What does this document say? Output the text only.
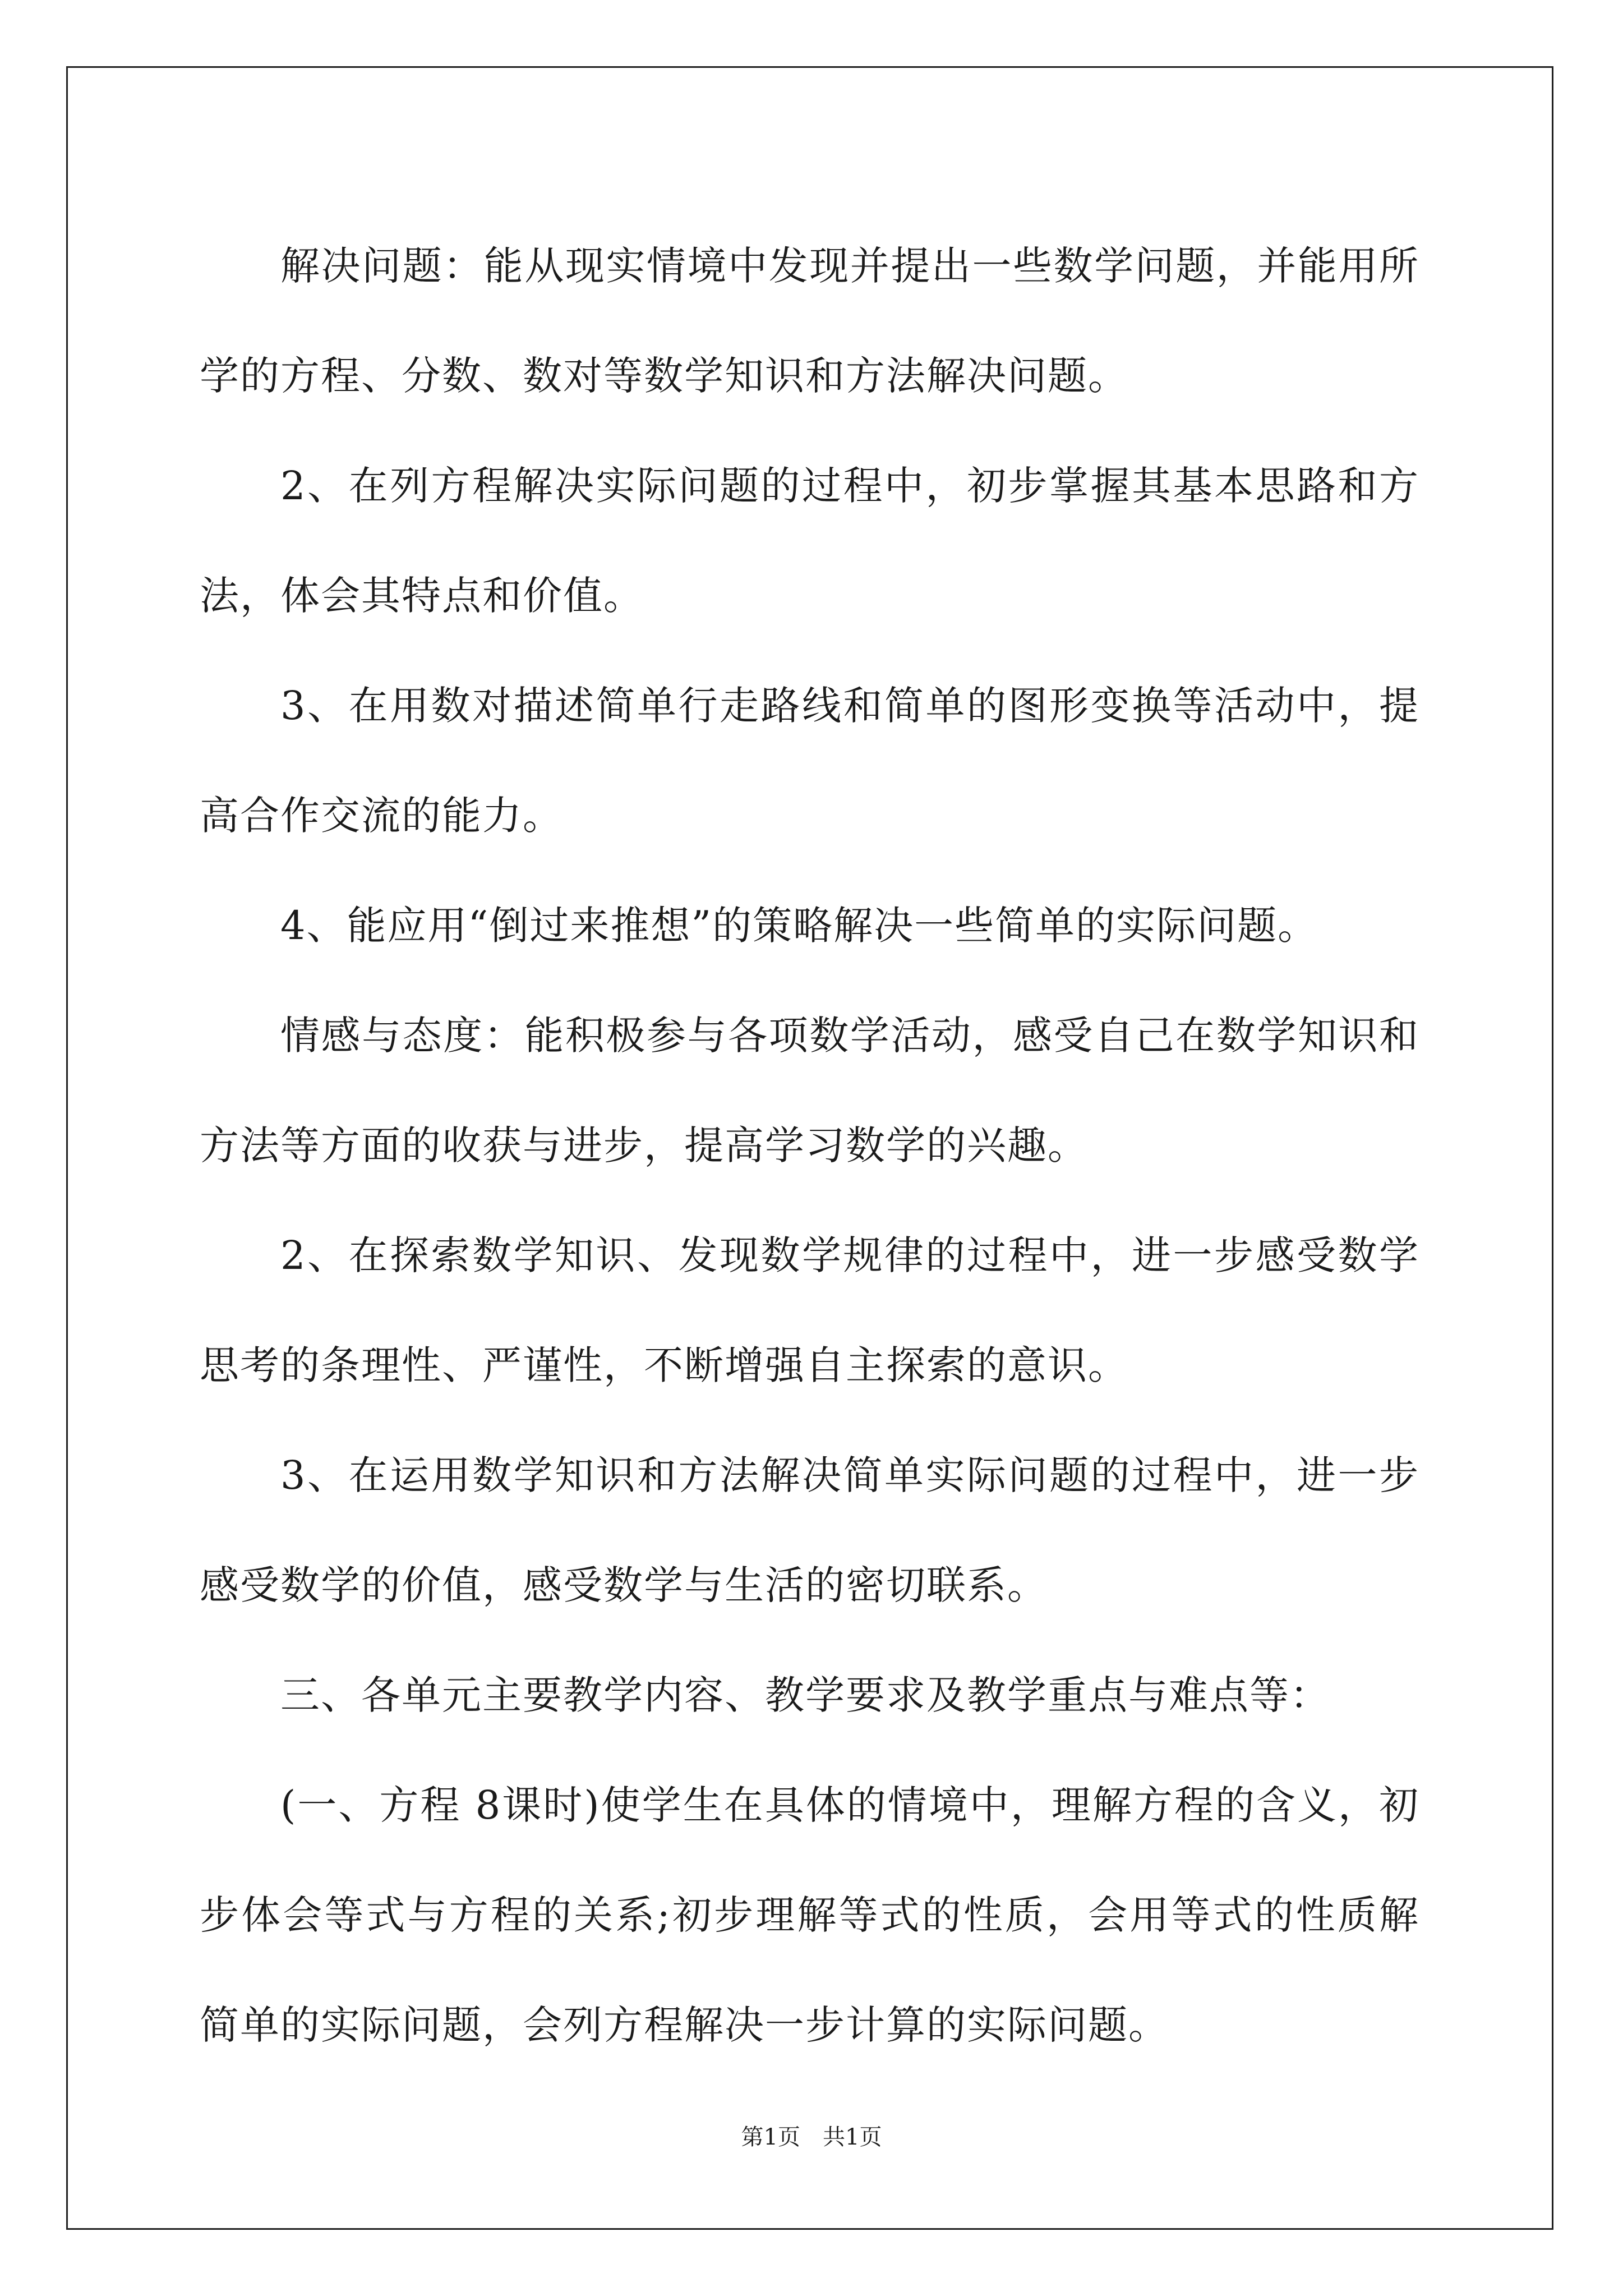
解决问题：能从现实情境中发现并提出一些数学问题，并能用所学的方程、分数、数对等数学知识和方法解决问题。

2、在列方程解决实际问题的过程中，初步掌握其基本思路和方法，体会其特点和价值。

3、在用数对描述简单行走路线和简单的图形变换等活动中，提高合作交流的能力。

4、能应用“倒过来推想”的策略解决一些简单的实际问题。

情感与态度：能积极参与各项数学活动，感受自己在数学知识和方法等方面的收获与进步，提高学习数学的兴趣。

2、在探索数学知识、发现数学规律的过程中，进一步感受数学思考的条理性、严谨性，不断增强自主探索的意识。

3、在运用数学知识和方法解决简单实际问题的过程中，进一步感受数学的价值，感受数学与生活的密切联系。

三、各单元主要教学内容、教学要求及教学重点与难点等：

(一、方程 8课时)使学生在具体的情境中，理解方程的含义，初步体会等式与方程的关系;初步理解等式的性质，会用等式的性质解简单的实际问题，会列方程解决一步计算的实际问题。

第1页　共1页
